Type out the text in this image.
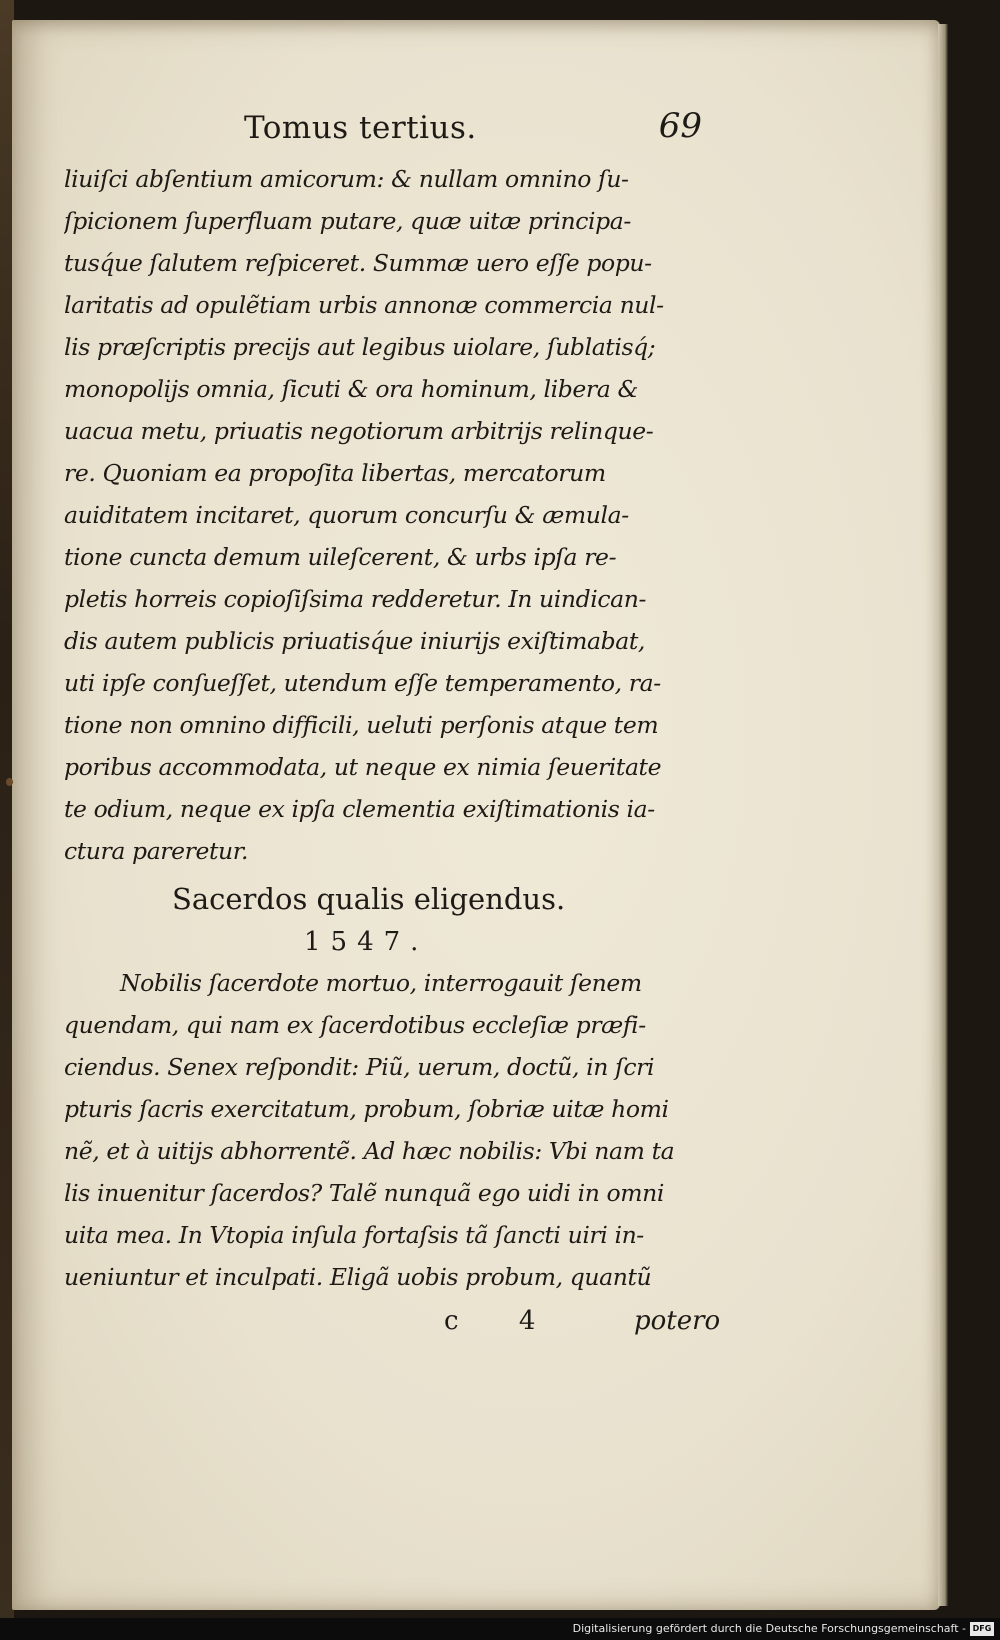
Tomus tertius.	69
liuiſci abſentium amicorum: & nullam omnino ſu-
ſpicionem ſuperfluam putare, quæ uitæ principa-
tusq́ue ſalutem reſpiceret. Summæ uero eſſe popu-
laritatis ad opulẽtiam urbis annonæ commercia nul-
lis præſcriptis precijs aut legibus uiolare, ſublatisq́;
monopolijs omnia, ſicuti & ora hominum, libera &
uacua metu, priuatis negotiorum arbitrijs relinque-
re. Quoniam ea propoſita libertas, mercatorum
auiditatem incitaret, quorum concurſu & æmula-
tione cuncta demum uileſcerent, & urbs ipſa re-
pletis horreis copioſiſsima redderetur. In uindican-
dis autem publicis priuatisq́ue iniurijs exiſtimabat,
uti ipſe conſueſſet, utendum eſſe temperamento, ra-
tione non omnino difficili, ueluti perſonis atque tem
poribus accommodata, ut neque ex nimia ſeueritate
te odium, neque ex ipſa clementia exiſtimationis ia-
ctura pareretur.
Sacerdos qualis eligendus.
1547.
Nobilis ſacerdote mortuo, interrogauit ſenem
quendam, qui nam ex ſacerdotibus eccleſiæ præfi-
ciendus. Senex reſpondit: Piũ, uerum, doctũ, in ſcri
pturis ſacris exercitatum, probum, ſobriæ uitæ homi
nẽ, et à uitijs abhorrentẽ. Ad hæc nobilis: Vbi nam ta
lis inuenitur ſacerdos? Talẽ nunquã ego uidi in omni
uita mea. In Vtopia inſula fortaſsis tã ſancti uiri in-
ueniuntur et inculpati. Eligã uobis probum, quantũ
c 4	potero
Digitalisierung gefördert durch die Deutsche Forschungsgemeinschaft - DFG
